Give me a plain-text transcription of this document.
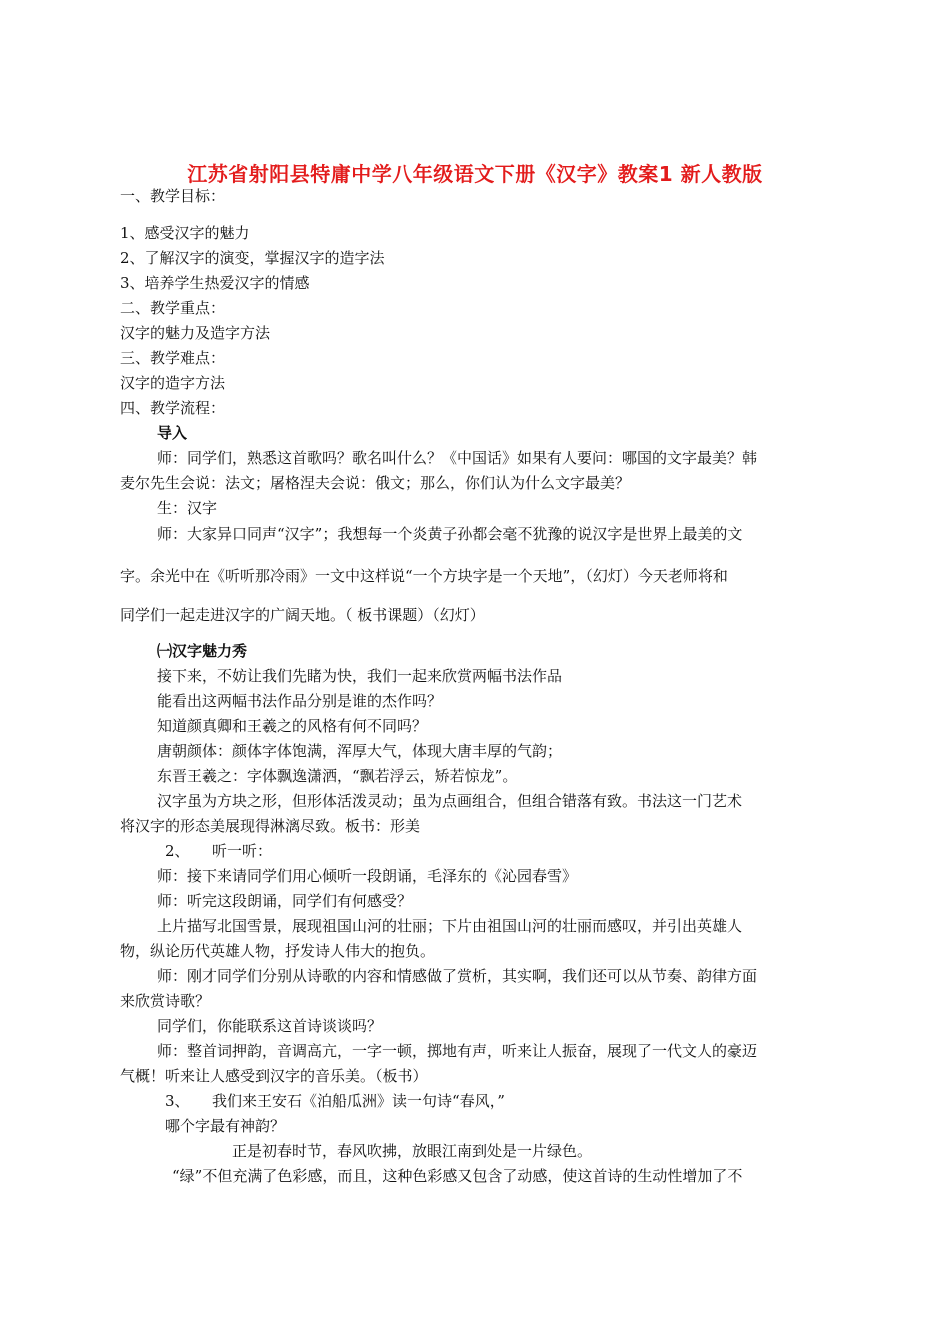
江苏省射阳县特庸中学八年级语文下册《汉字》教案1 新人教版
一、教学目标：
1、感受汉字的魅力
2、了解汉字的演变，掌握汉字的造字法
3、培养学生热爱汉字的情感
二、教学重点：
汉字的魅力及造字方法
三、教学难点：
汉字的造字方法
四、教学流程：
导入
师：同学们，熟悉这首歌吗？歌名叫什么？《中国话》如果有人要问：哪国的文字最美？韩
麦尔先生会说：法文；屠格涅夫会说：俄文；那么，你们认为什么文字最美？
生：汉字
师：大家异口同声“汉字”；我想每一个炎黄子孙都会毫不犹豫的说汉字是世界上最美的文
字。余光中在《听听那冷雨》一文中这样说“一个方块字是一个天地”，（幻灯）今天老师将和
同学们一起走进汉字的广阔天地。（ 板书课题）（幻灯）
㈠汉字魅力秀
接下来，不妨让我们先睹为快，我们一起来欣赏两幅书法作品
能看出这两幅书法作品分别是谁的杰作吗？
知道颜真卿和王羲之的风格有何不同吗？
唐朝颜体：颜体字体饱满，浑厚大气，体现大唐丰厚的气韵；
东晋王羲之：字体飘逸潇洒，“飘若浮云，矫若惊龙”。
汉字虽为方块之形，但形体活泼灵动；虽为点画组合，但组合错落有致。书法这一门艺术
将汉字的形态美展现得淋漓尽致。板书：形美
2、　　听一听：
师：接下来请同学们用心倾听一段朗诵，毛泽东的《沁园春雪》
师：听完这段朗诵，同学们有何感受？
上片描写北国雪景，展现祖国山河的壮丽；下片由祖国山河的壮丽而感叹，并引出英雄人
物，纵论历代英雄人物，抒发诗人伟大的抱负。
师：刚才同学们分别从诗歌的内容和情感做了赏析，其实啊，我们还可以从节奏、韵律方面
来欣赏诗歌？
同学们，你能联系这首诗谈谈吗？
师：整首词押韵，音调高亢，一字一顿，掷地有声，听来让人振奋，展现了一代文人的豪迈
气概！听来让人感受到汉字的音乐美。（板书）
3、　　我们来王安石《泊船瓜洲》读一句诗“春风，”
哪个字最有神韵？
正是初春时节，春风吹拂，放眼江南到处是一片绿色。
“绿”不但充满了色彩感，而且，这种色彩感又包含了动感，使这首诗的生动性增加了不
